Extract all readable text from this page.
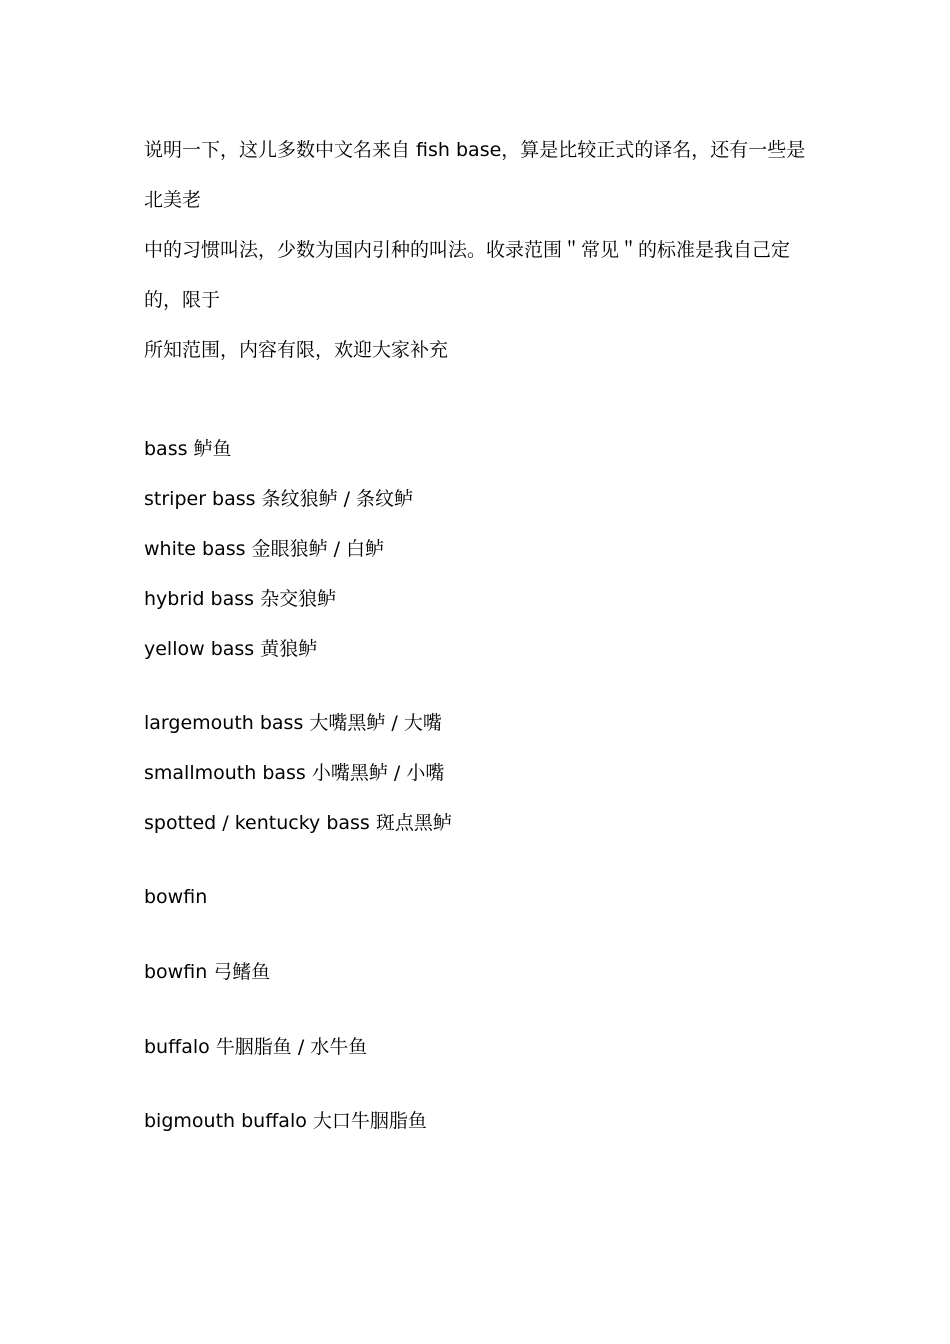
说明一下，这儿多数中文名来自 fish base，算是比较正式的译名，还有一些是
北美老
中的习惯叫法，少数为国内引种的叫法。收录范围＂常见＂的标准是我自己定
的，限于
所知范围，内容有限，欢迎大家补充
bass 鲈鱼
striper bass 条纹狼鲈 / 条纹鲈
white bass 金眼狼鲈 / 白鲈
hybrid bass 杂交狼鲈
yellow bass 黄狼鲈
largemouth bass 大嘴黑鲈 / 大嘴
smallmouth bass 小嘴黑鲈 / 小嘴
spotted / kentucky bass 斑点黑鲈
bowfin
bowfin 弓鳍鱼
buffalo 牛胭脂鱼 / 水牛鱼
bigmouth buffalo 大口牛胭脂鱼
